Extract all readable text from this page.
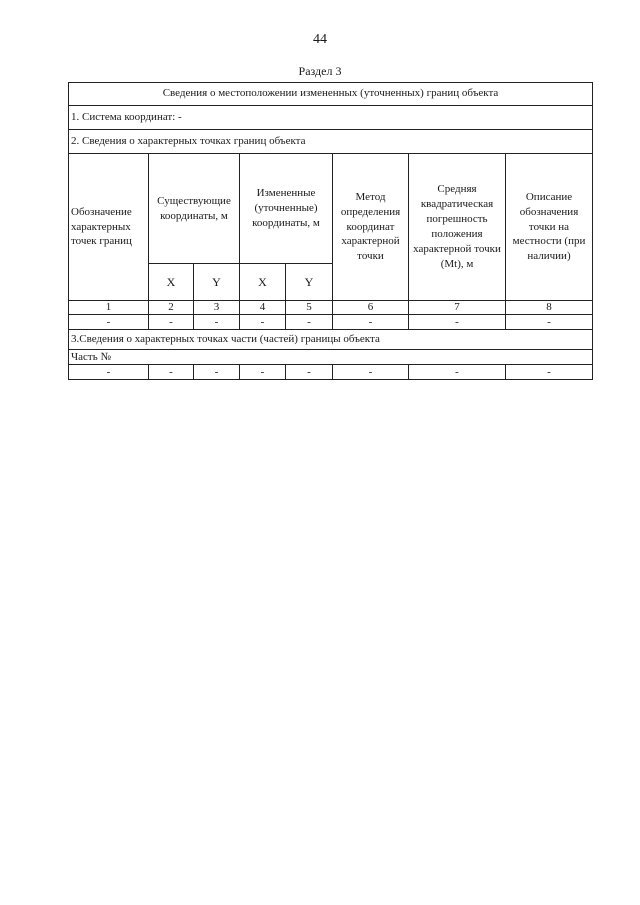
44
Раздел 3
Сведения о местоположении измененных (уточненных) границ объекта							
1. Система координат: -							
2. Сведения о характерных точках границ объекта							
Обозначение характерных точек границ	Существующие координаты, м		Измененные (уточненные) координаты, м		Метод определения координат характерной точки	Средняя квадратическая погрешность положения характерной точки (Mt), м	Описание обозначения точки на местности (при наличии)
	X	Y	X	Y			
1	2	3	4	5	6	7	8
-	-	-	-	-	-	-	-
3.Сведения о характерных точках части (частей) границы объекта							
Часть №							
-	-	-	-	-	-	-	-
